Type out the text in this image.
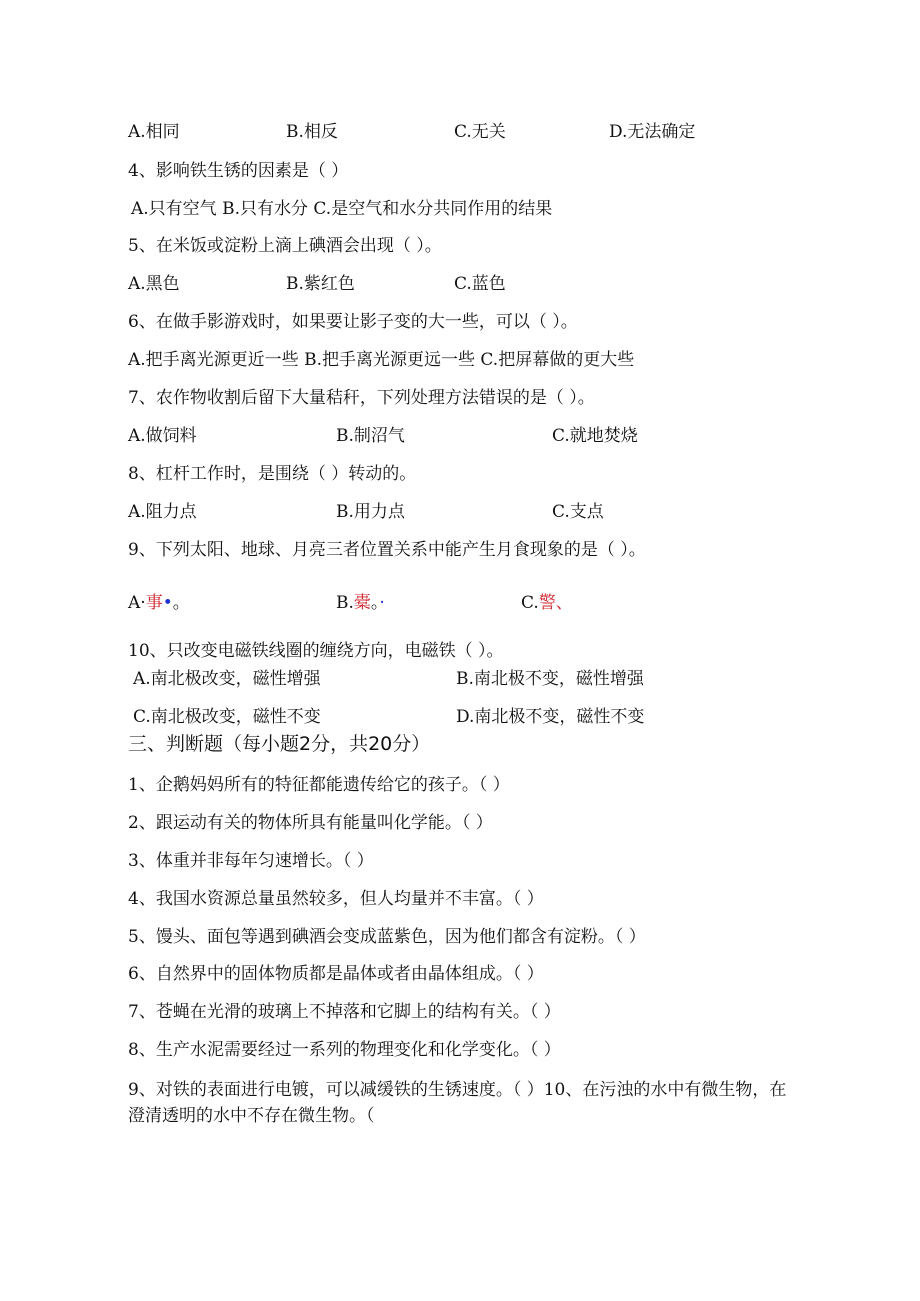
A.相同	B.相反	C.无关	D.无法确定
4、影响铁生锈的因素是（ ）
A.只有空气 B.只有水分 C.是空气和水分共同作用的结果
5、在米饭或淀粉上滴上碘酒会出现（ ）。
A.黑色	B.紫红色	C.蓝色
6、在做手影游戏时，如果要让影子变的大一些，可以（ ）。
A.把手离光源更近一些 B.把手离光源更远一些 C.把屏幕做的更大些
7、农作物收割后留下大量秸秆，下列处理方法错误的是（ ）。
A.做饲料	B.制沼气	C.就地焚烧
8、杠杆工作时，是围绕（ ）转动的。
A.阻力点	B.用力点	C.支点
9、下列太阳、地球、月亮三者位置关系中能产生月食现象的是（ ）。
A·事•。	B.橐。·	C.警、
10、只改变电磁铁线圈的缠绕方向，电磁铁（ ）。
A.南北极改变，磁性增强	B.南北极不变，磁性增强
C.南北极改变，磁性不变	D.南北极不变，磁性不变
三、判断题（每小题2分，共20分）
1、企鹅妈妈所有的特征都能遗传给它的孩子。（ ）
2、跟运动有关的物体所具有能量叫化学能。（ ）
3、体重并非每年匀速增长。（ ）
4、我国水资源总量虽然较多，但人均量并不丰富。（ ）
5、馒头、面包等遇到碘酒会变成蓝紫色，因为他们都含有淀粉。（ ）
6、自然界中的固体物质都是晶体或者由晶体组成。（ ）
7、苍蝇在光滑的玻璃上不掉落和它脚上的结构有关。（ ）
8、生产水泥需要经过一系列的物理变化和化学变化。（ ）
9、对铁的表面进行电镀，可以减缓铁的生锈速度。（ ）10、在污浊的水中有微生物，在澄清透明的水中不存在微生物。（
